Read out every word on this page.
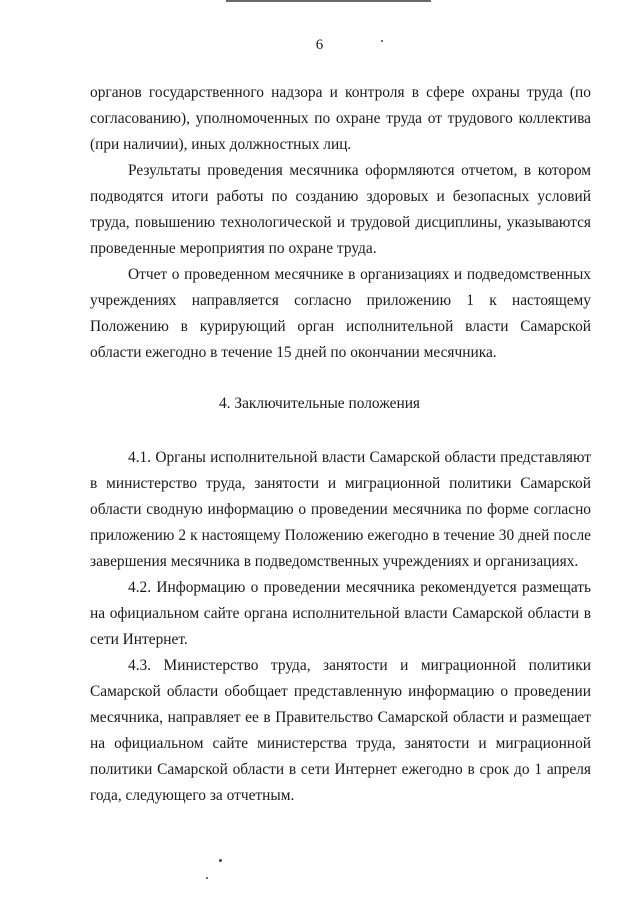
6
органов государственного надзора и контроля в сфере охраны труда (по согласованию), уполномоченных по охране труда от трудового коллектива (при наличии), иных должностных лиц.
Результаты проведения месячника оформляются отчетом, в котором подводятся итоги работы по созданию здоровых и безопасных условий труда, повышению технологической и трудовой дисциплины, указываются проведенные мероприятия по охране труда.
Отчет о проведенном месячнике в организациях и подведомственных учреждениях направляется согласно приложению 1 к настоящему Положению в курирующий орган исполнительной власти Самарской области ежегодно в течение 15 дней по окончании месячника.
4. Заключительные положения
4.1. Органы исполнительной власти Самарской области представляют в министерство труда, занятости и миграционной политики Самарской области сводную информацию о проведении месячника по форме согласно приложению 2 к настоящему Положению ежегодно в течение 30 дней после завершения месячника в подведомственных учреждениях и организациях.
4.2. Информацию о проведении месячника рекомендуется размещать на официальном сайте органа исполнительной власти Самарской области в сети Интернет.
4.3. Министерство труда, занятости и миграционной политики Самарской области обобщает представленную информацию о проведении месячника, направляет ее в Правительство Самарской области и размещает на официальном сайте министерства труда, занятости и миграционной политики Самарской области в сети Интернет ежегодно в срок до 1 апреля года, следующего за отчетным.
